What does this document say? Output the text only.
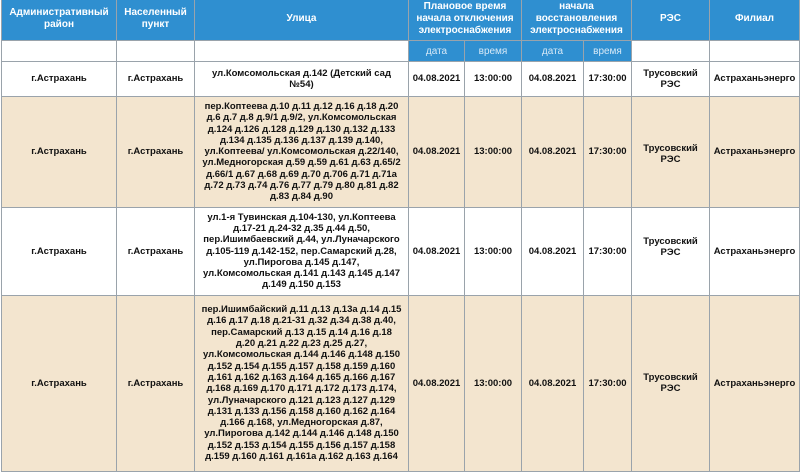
Административный район	Населенный пункт	Улица	Плановое время начала отключения электроснабжения		начала восстановления электроснабжения		РЭС	Филиал
			дата	время	дата	время		
г.Астрахань	г.Астрахань	ул.Комсомольская д.142 (Детский сад №54)	04.08.2021	13:00:00	04.08.2021	17:30:00	Трусовский РЭС	Астраханьэнерго
г.Астрахань	г.Астрахань	пер.Коптеева д.10 д.11 д.12 д.16 д.18 д.20 д.6 д.7 д.8 д.9/1 д.9/2, ул.Комсомольская д.124 д.126 д.128 д.129 д.130 д.132 д.133 д.134 д.135 д.136 д.137 д.139 д.140, ул.Коптеева/ ул.Комсомольская д.22/140, ул.Медногорская д.59 д.59 д.61 д.63 д.65/2 д.66/1 д.67 д.68 д.69 д.70 д.706 д.71 д.71а д.72 д.73 д.74 д.76 д.77 д.79 д.80 д.81 д.82 д.83 д.84 д.90	04.08.2021	13:00:00	04.08.2021	17:30:00	Трусовский РЭС	Астраханьэнерго
г.Астрахань	г.Астрахань	ул.1-я Тувинская д.104-130, ул.Коптеева д.17-21 д.24-32 д.35 д.44 д.50, пер.Ишимбаевский д.44, ул.Луначарского д.105-119 д.142-152, пер.Самарский д.28, ул.Пирогова д.145 д.147, ул.Комсомольская д.141 д.143 д.145 д.147 д.149 д.150 д.153	04.08.2021	13:00:00	04.08.2021	17:30:00	Трусовский РЭС	Астраханьэнерго
г.Астрахань	г.Астрахань	пер.Ишимбайский д.11 д.13 д.13а д.14 д.15 д.16 д.17 д.18 д.21-31 д.32 д.34 д.38 д.40, пер.Самарский д.13 д.15 д.14 д.16 д.18 д.20 д.21 д.22 д.23 д.25 д.27, ул.Комсомольская д.144 д.146 д.148 д.150 д.152 д.154 д.155 д.157 д.158 д.159 д.160 д.161 д.162 д.163 д.164 д.165 д.166 д.167 д.168 д.169 д.170 д.171 д.172 д.173 д.174, ул.Луначарского д.121 д.123 д.127 д.129 д.131 д.133 д.156 д.158 д.160 д.162 д.164 д.166 д.168, ул.Медногорская д.87, ул.Пирогова д.142 д.144 д.146 д.148 д.150 д.152 д.153 д.154 д.155 д.156 д.157 д.158 д.159 д.160 д.161 д.161а д.162 д.163 д.164	04.08.2021	13:00:00	04.08.2021	17:30:00	Трусовский РЭС	Астраханьэнерго
